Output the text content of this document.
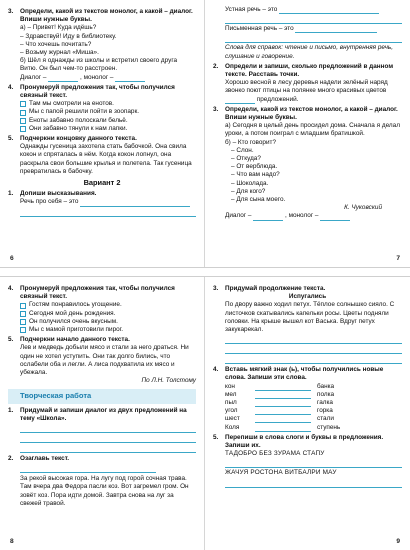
3.	Определи, какой из текстов монолог, а какой – диалог. Впиши нужные буквы.

а) – Привет! Куда идёшь?

– Здравствуй! Иду в библиотеку.

– Что хочешь почитать?

– Возьму журнал «Миша».

б) Шёл я однажды из школы и встретил своего друга Витю. Он был чем-то расстроен.

Диалог –	, монолог –

4.	Пронумеруй предложения так, чтобы получился связный текст.
Там мы смотрели на енотов.
Мы с папой решили пойти в зоопарк.
Еноты забавно полоскали бельё.
Они забавно тянули к нам лапки.
5.	Подчеркни концовку данного текста.

Однажды гусеница захотела стать бабочкой. Она свила кокон и спряталась в нём. Когда кокон лопнул, она раскрыла свои большие крылья и полетела. Так гусеница превратилась в бабочку.

Вариант 2
1.	Допиши высказывания.

Речь про себя – это

6

Устная речь – это

Письменная речь – это

Слова для справок: чтение и письмо, внутренняя речь, слушание и говорение.

2.	Определи и запиши, сколько предложений в данном тексте. Расставь точки.

Хорошо весной в лесу деревья надели зелёный наряд звонко поют птицы на полянке много красивых цветов

предложений.

3.	Определи, какой из текстов монолог, а какой – диалог. Впиши нужные буквы.

а) Сегодня в целый день просидел дома. Сначала я делал уроки, а потом поиграл с младшим братишкой.

б) – Кто говорит?

– Слон.

– Откуда?

– От верблюда.

– Что вам надо?

– Шоколада.

– Для кого?

– Для сына моего.

К. Чуковский

Диалог –	, монолог –

7
4.	Пронумеруй предложения так, чтобы получился связный текст.
Гостям понравилось угощение.
Сегодня мой день рождения.
Он получился очень вкусным.
Мы с мамой приготовили пирог.
5.	Подчеркни начало данного текста.

Лев и медведь добыли мясо и стали за него драться. Ни один не хотел уступить. Они так долго бились, что ослабели оба и легли. А лиса подхватила их мясо и убежала.

По Л.Н. Толстому

Творческая работа
1.	Придумай и запиши диалог из двух предложений на тему «Школа».
2.	Озаглавь текст.

За рекой высокая гора. На лугу под горой сочная трава. Там вчера два Федора пасли коз. Вот загремел гром. Он зовёт коз. Пора идти домой. Завтра снова на луг за свежей травой.

8
3.	Придумай продолжение текста.

Испугались

По двору важно ходил петух. Тёплое солнышко сияло. С листочков скатывались капельки росы. Цветы подняли головки. На крыше вышел кот Васька. Вдруг петух закукарекал.

4.	Вставь мягкий знак (ь), чтобы получились новые слова. Запиши эти слова.
кон	банка
мел	полка
пыл	галка
угол	горка
шест	стали
Коля	ступень
5.	Перепиши в слова слоги и буквы в предложения. Запиши их.

ТАДОБРО БЕЗ ЗУРАМА СТАПУ

ЖАЧУЯ РОСТОНА ВИТБАЛРИ МАУ

9
